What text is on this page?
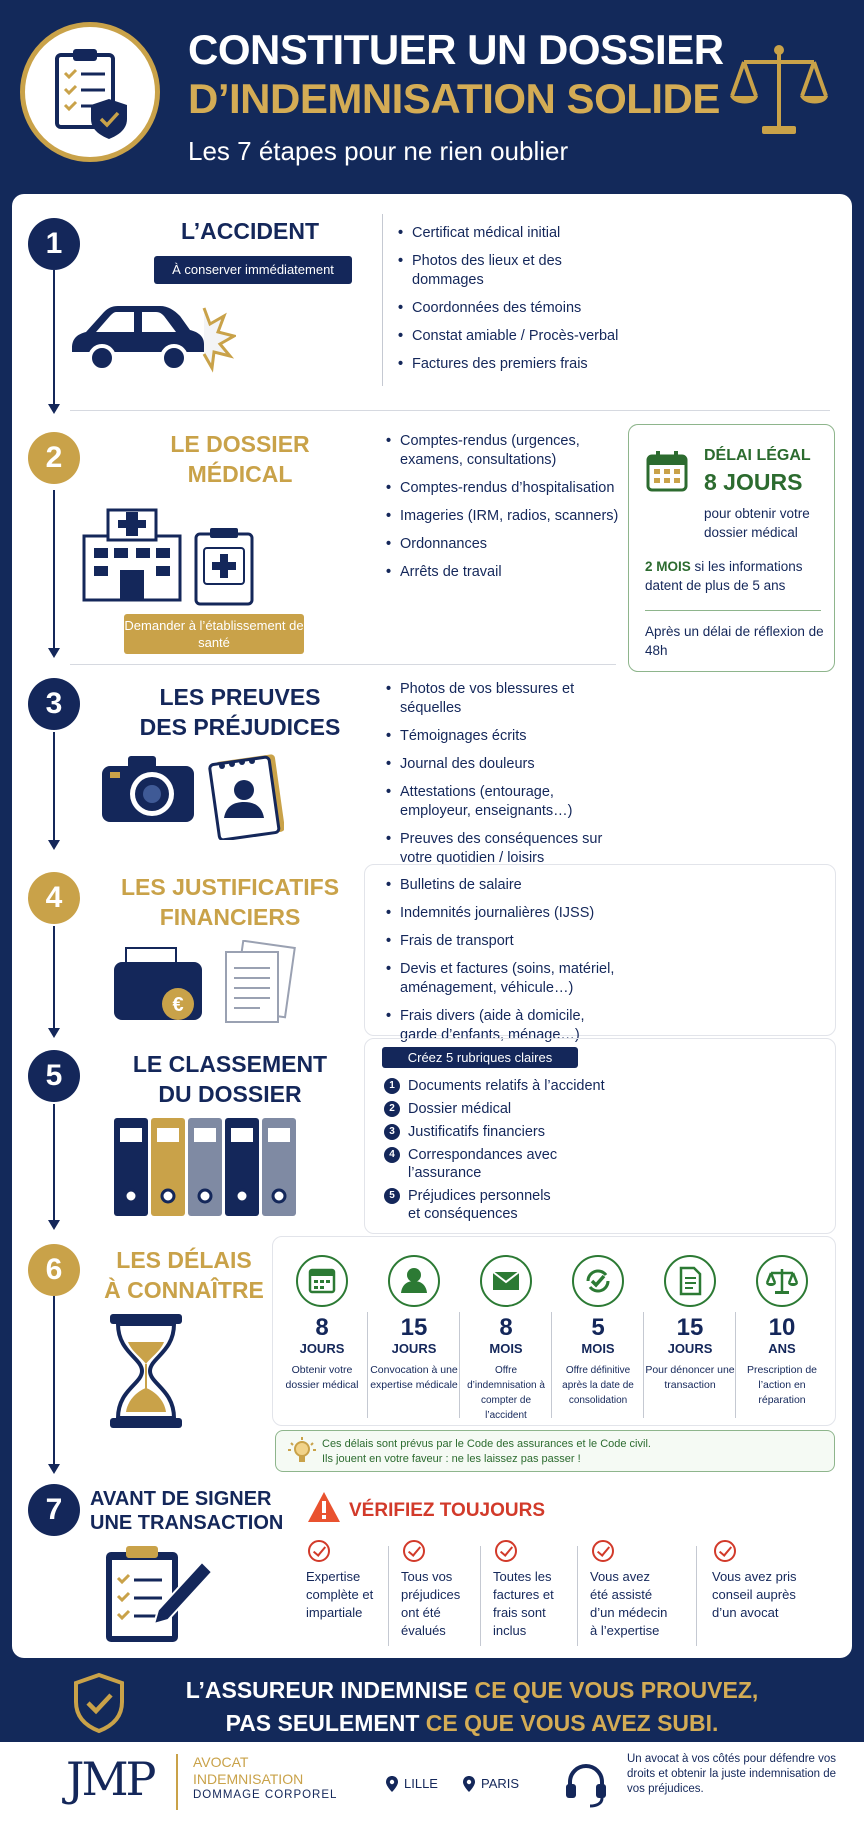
CONSTITUER UN DOSSIER
D’INDEMNISATION SOLIDE
Les 7 étapes pour ne rien oublier
1	L’ACCIDENT
À conserver immédiatement
• Certificat médical initial
• Photos des lieux et des dommages
• Coordonnées des témoins
• Constat amiable / Procès-verbal
• Factures des premiers frais
2	LE DOSSIER
MÉDICAL
Demander à l’établissement de santé
• Comptes-rendus (urgences, examens, consultations)
• Comptes-rendus d’hospitalisation
• Imageries (IRM, radios, scanners)
• Ordonnances
• Arrêts de travail
DÉLAI LÉGAL
8 JOURS
pour obtenir votre dossier médical
2 MOIS si les informations datent de plus de 5 ans
Après un délai de réflexion de 48h
3	LES PREUVES
DES PRÉJUDICES
• Photos de vos blessures et séquelles
• Témoignages écrits
• Journal des douleurs
• Attestations (entourage, employeur, enseignants…)
• Preuves des conséquences sur votre quotidien / loisirs
4	LES JUSTIFICATIFS
FINANCIERS
€
• Bulletins de salaire
• Indemnités journalières (IJSS)
• Frais de transport
• Devis et factures (soins, matériel, aménagement, véhicule…)
• Frais divers (aide à domicile, garde d’enfants, ménage…)
5	LE CLASSEMENT
DU DOSSIER
Créez 5 rubriques claires
1 Documents relatifs à l’accident
2 Dossier médical
3 Justificatifs financiers
4 Correspondances avec l’assurance
5 Préjudices personnels et conséquences
6	LES DÉLAIS
À CONNAÎTRE
8
JOURS
Obtenir votre dossier médical
15
JOURS
Convocation à une expertise médicale
8
MOIS
Offre d’indemnisation à compter de l’accident
5
MOIS
Offre définitive après la date de consolidation
15
JOURS
Pour dénoncer une transaction
10
ANS
Prescription de l’action en réparation
Ces délais sont prévus par le Code des assurances et le Code civil.
Ils jouent en votre faveur : ne les laissez pas passer !
7	AVANT DE SIGNER
UNE TRANSACTION
VÉRIFIEZ TOUJOURS
Expertise complète et impartiale
Tous vos préjudices ont été évalués
Toutes les factures et frais sont inclus
Vous avez été assisté d’un médecin à l’expertise
Vous avez pris conseil auprès d’un avocat
L’ASSUREUR INDEMNISE CE QUE VOUS PROUVEZ,
PAS SEULEMENT CE QUE VOUS AVEZ SUBI.
JMP	AVOCAT
INDEMNISATION
DOMMAGE CORPOREL
LILLE	PARIS
Un avocat à vos côtés pour défendre vos droits et obtenir la juste indemnisation de vos préjudices.
